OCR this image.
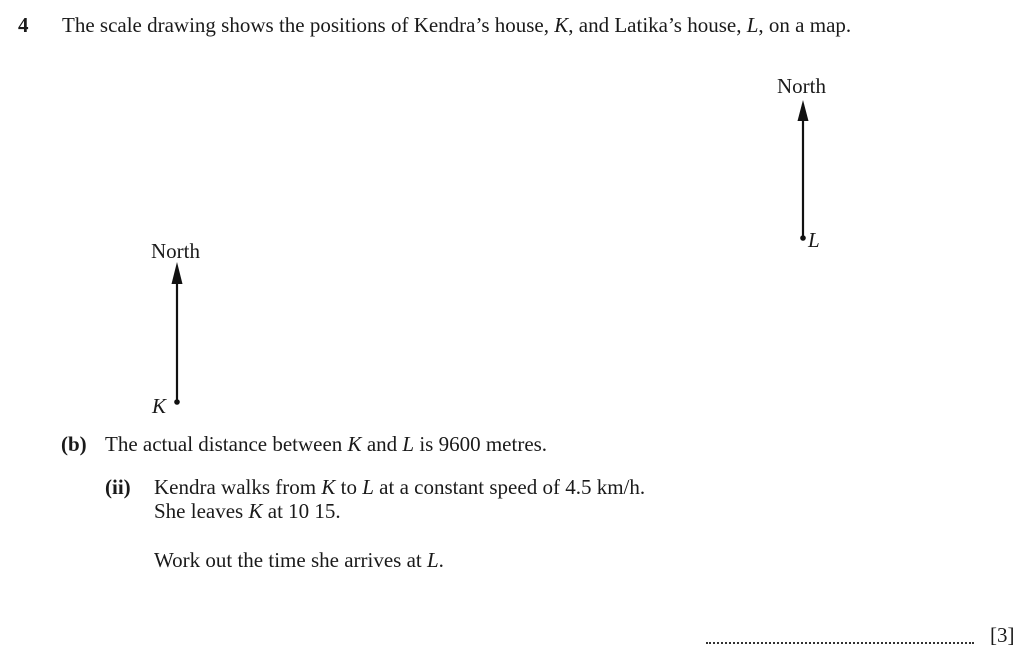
4 The scale drawing shows the positions of Kendra’s house, K, and Latika’s house, L, on a map.
North
L
North
K
(b) The actual distance between K and L is 9600 metres.
(ii) Kendra walks from K to L at a constant speed of 4.5 km/h.
She leaves K at 10 15.
Work out the time she arrives at L.
[3]
